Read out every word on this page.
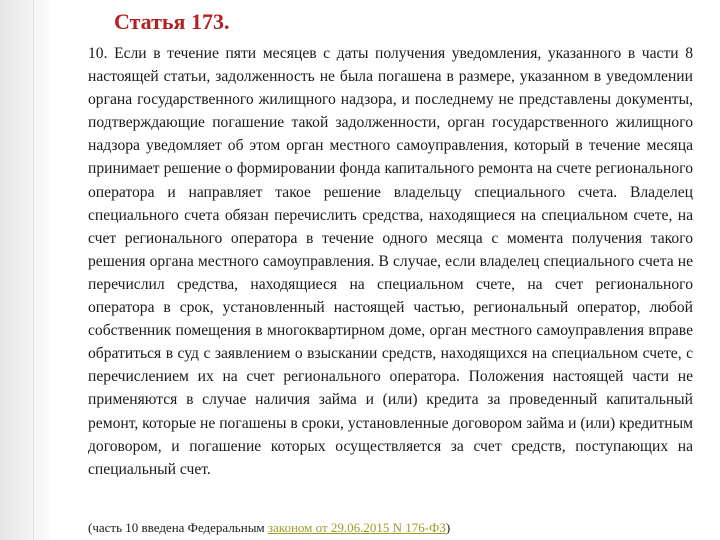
Статья 173.

10. Если в течение пяти месяцев с даты получения уведомления, указанного в части 8 настоящей статьи, задолженность не была погашена в размере, указанном в уведомлении органа государственного жилищного надзора, и последнему не представлены документы, подтверждающие погашение такой задолженности, орган государственного жилищного надзора уведомляет об этом орган местного самоуправления, который в течение месяца принимает решение о формировании фонда капитального ремонта на счете регионального оператора и направляет такое решение владельцу специального счета. Владелец специального счета обязан перечислить средства, находящиеся на специальном счете, на счет регионального оператора в течение одного месяца с момента получения такого решения органа местного самоуправления. В случае, если владелец специального счета не перечислил средства, находящиеся на специальном счете, на счет регионального оператора в срок, установленный настоящей частью, региональный оператор, любой собственник помещения в многоквартирном доме, орган местного самоуправления вправе обратиться в суд с заявлением о взыскании средств, находящихся на специальном счете, с перечислением их на счет регионального оператора. Положения настоящей части не применяются в случае наличия займа и (или) кредита за проведенный капитальный ремонт, которые не погашены в сроки, установленные договором займа и (или) кредитным договором, и погашение которых осуществляется за счет средств, поступающих на специальный счет.

(часть 10 введена Федеральным законом от 29.06.2015 N 176-ФЗ)
